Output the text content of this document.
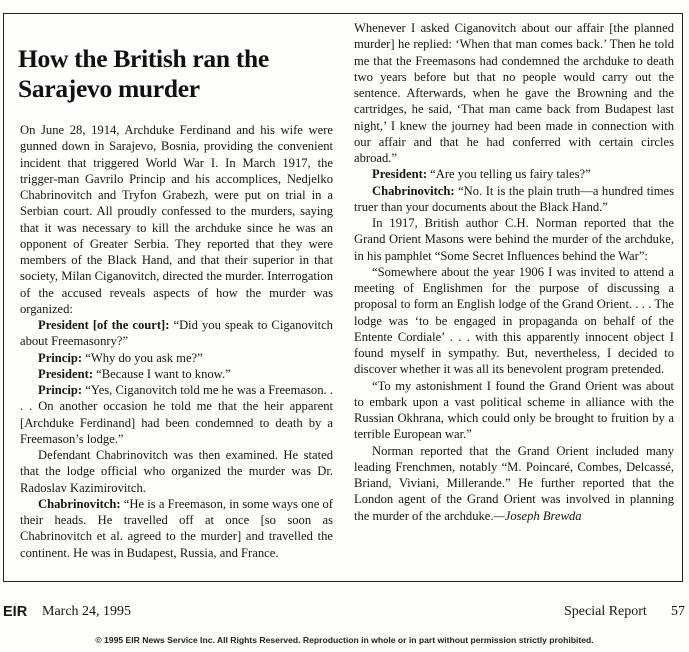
How the British ran the Sarajevo murder

On June 28, 1914, Archduke Ferdinand and his wife were gunned down in Sarajevo, Bosnia, providing the convenient incident that triggered World War I. In March 1917, the trigger-man Gavrilo Princip and his accomplices, Nedjelko Chabrinovitch and Tryfon Grabezh, were put on trial in a Serbian court. All proudly confessed to the murders, saying that it was necessary to kill the archduke since he was an opponent of Greater Serbia. They reported that they were members of the Black Hand, and that their superior in that society, Milan Ciganovitch, directed the murder. Interrogation of the accused reveals aspects of how the murder was organized:

President [of the court]: “Did you speak to Ciganovitch about Freemasonry?”

Princip: “Why do you ask me?”

President: “Because I want to know.”

Princip: “Yes, Ciganovitch told me he was a Freemason. . . . On another occasion he told me that the heir apparent [Archduke Ferdinand] had been condemned to death by a Freemason’s lodge.”

Defendant Chabrinovitch was then examined. He stated that the lodge official who organized the murder was Dr. Radoslav Kazimirovitch.

Chabrinovitch: “He is a Freemason, in some ways one of their heads. He travelled off at once [so soon as Chabrinovitch et al. agreed to the murder] and travelled the continent. He was in Budapest, Russia, and France.

Whenever I asked Ciganovitch about our affair [the planned murder] he replied: ‘When that man comes back.’ Then he told me that the Freemasons had condemned the archduke to death two years before but that no people would carry out the sentence. Afterwards, when he gave the Browning and the cartridges, he said, ‘That man came back from Budapest last night,’ I knew the journey had been made in connection with our affair and that he had conferred with certain circles abroad.”

President: “Are you telling us fairy tales?”

Chabrinovitch: “No. It is the plain truth—a hundred times truer than your documents about the Black Hand.”

In 1917, British author C.H. Norman reported that the Grand Orient Masons were behind the murder of the archduke, in his pamphlet “Some Secret Influences behind the War”:

“Somewhere about the year 1906 I was invited to attend a meeting of Englishmen for the purpose of discussing a proposal to form an English lodge of the Grand Orient. . . . The lodge was ‘to be engaged in propaganda on behalf of the Entente Cordiale’ . . . with this apparently innocent object I found myself in sympathy. But, nevertheless, I decided to discover whether it was all its benevolent program pretended.

“To my astonishment I found the Grand Orient was about to embark upon a vast political scheme in alliance with the Russian Okhrana, which could only be brought to fruition by a terrible European war.”

Norman reported that the Grand Orient included many leading Frenchmen, notably “M. Poincaré, Combes, Delcassé, Briand, Viviani, Millerande.” He further reported that the London agent of the Grand Orient was involved in planning the murder of the archduke.—Joseph Brewda

EIR March 24, 1995	Special Report 57
© 1995 EIR News Service Inc. All Rights Reserved. Reproduction in whole or in part without permission strictly prohibited.
